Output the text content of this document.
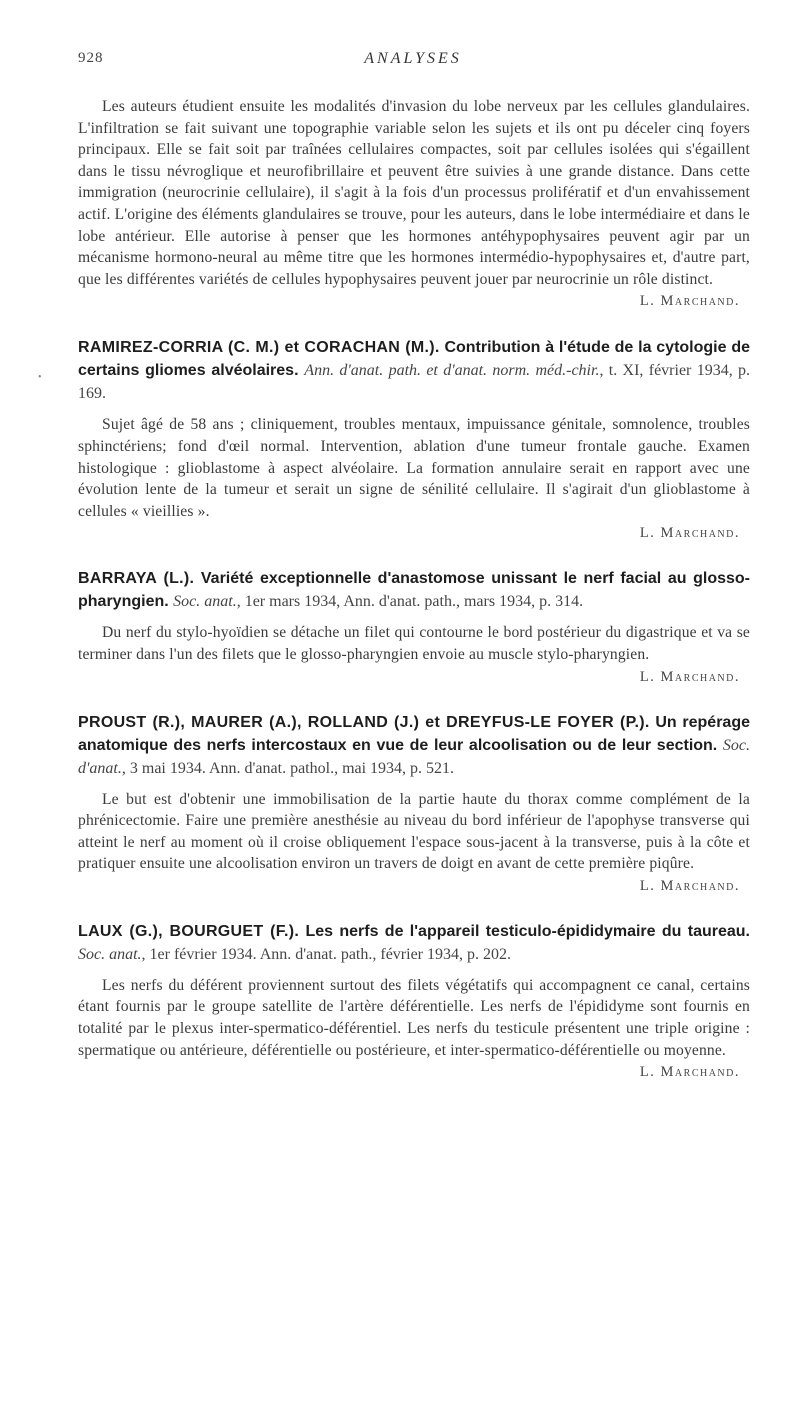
928	ANALYSES
•

Les auteurs étudient ensuite les modalités d'invasion du lobe nerveux par les cellules glandulaires. L'infiltration se fait suivant une topographie variable selon les sujets et ils ont pu déceler cinq foyers principaux. Elle se fait soit par traînées cellulaires compactes, soit par cellules isolées qui s'égaillent dans le tissu névroglique et neurofibrillaire et peuvent être suivies à une grande distance. Dans cette immigration (neurocrinie cellulaire), il s'agit à la fois d'un processus prolifératif et d'un envahissement actif. L'origine des éléments glandulaires se trouve, pour les auteurs, dans le lobe intermédiaire et dans le lobe antérieur. Elle autorise à penser que les hormones antéhypophysaires peuvent agir par un mécanisme hormono-neural au même titre que les hormones intermédio-hypophysaires et, d'autre part, que les différentes variétés de cellules hypophysaires peuvent jouer par neurocrinie un rôle distinct.

L. Marchand.
RAMIREZ-CORRIA (C. M.) et CORACHAN (M.). Contribution à l'étude de la cytologie de certains gliomes alvéolaires. Ann. d'anat. path. et d'anat. norm. méd.-chir., t. XI, février 1934, p. 169.

Sujet âgé de 58 ans ; cliniquement, troubles mentaux, impuissance génitale, somnolence, troubles sphinctériens; fond d'œil normal. Intervention, ablation d'une tumeur frontale gauche. Examen histologique : glioblastome à aspect alvéolaire. La formation annulaire serait en rapport avec une évolution lente de la tumeur et serait un signe de sénilité cellulaire. Il s'agirait d'un glioblastome à cellules « vieillies ».

L. Marchand.
BARRAYA (L.). Variété exceptionnelle d'anastomose unissant le nerf facial au glosso-pharyngien. Soc. anat., 1er mars 1934, Ann. d'anat. path., mars 1934, p. 314.

Du nerf du stylo-hyoïdien se détache un filet qui contourne le bord postérieur du digastrique et va se terminer dans l'un des filets que le glosso-pharyngien envoie au muscle stylo-pharyngien.

L. Marchand.
PROUST (R.), MAURER (A.), ROLLAND (J.) et DREYFUS-LE FOYER (P.). Un repérage anatomique des nerfs intercostaux en vue de leur alcoolisation ou de leur section. Soc. d'anat., 3 mai 1934. Ann. d'anat. pathol., mai 1934, p. 521.

Le but est d'obtenir une immobilisation de la partie haute du thorax comme complément de la phrénicectomie. Faire une première anesthésie au niveau du bord inférieur de l'apophyse transverse qui atteint le nerf au moment où il croise obliquement l'espace sous-jacent à la transverse, puis à la côte et pratiquer ensuite une alcoolisation environ un travers de doigt en avant de cette première piqûre.

L. Marchand.
LAUX (G.), BOURGUET (F.). Les nerfs de l'appareil testiculo-épididymaire du taureau. Soc. anat., 1er février 1934. Ann. d'anat. path., février 1934, p. 202.

Les nerfs du déférent proviennent surtout des filets végétatifs qui accompagnent ce canal, certains étant fournis par le groupe satellite de l'artère déférentielle. Les nerfs de l'épididyme sont fournis en totalité par le plexus inter-spermatico-déférentiel. Les nerfs du testicule présentent une triple origine : spermatique ou antérieure, déférentielle ou postérieure, et inter-spermatico-déférentielle ou moyenne.

L. Marchand.
